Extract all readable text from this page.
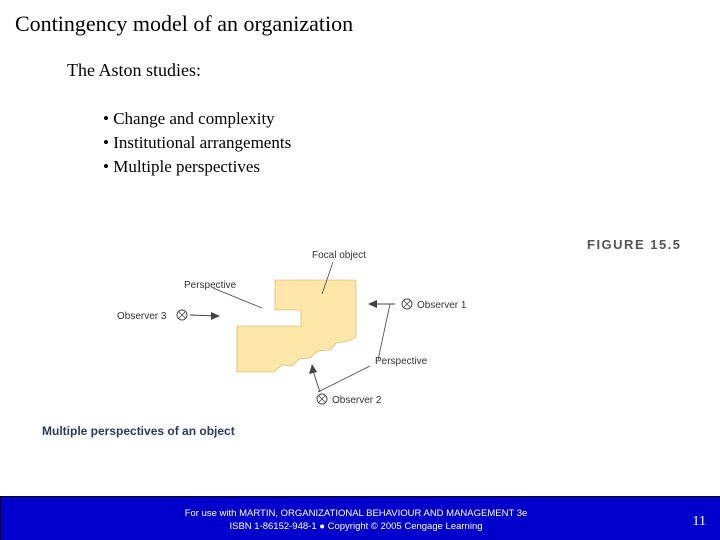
Contingency model of an organization
The Aston studies:
• Change and complexity
• Institutional arrangements
• Multiple perspectives
FIGURE 15.5
Focal object
Perspective
Observer 3
Observer 1
Perspective
Observer 2
Multiple perspectives of an object
For use with MARTIN, ORGANIZATIONAL BEHAVIOUR AND MANAGEMENT 3e
ISBN 1-86152-948-1 ● Copyright © 2005 Cengage Learning	11
